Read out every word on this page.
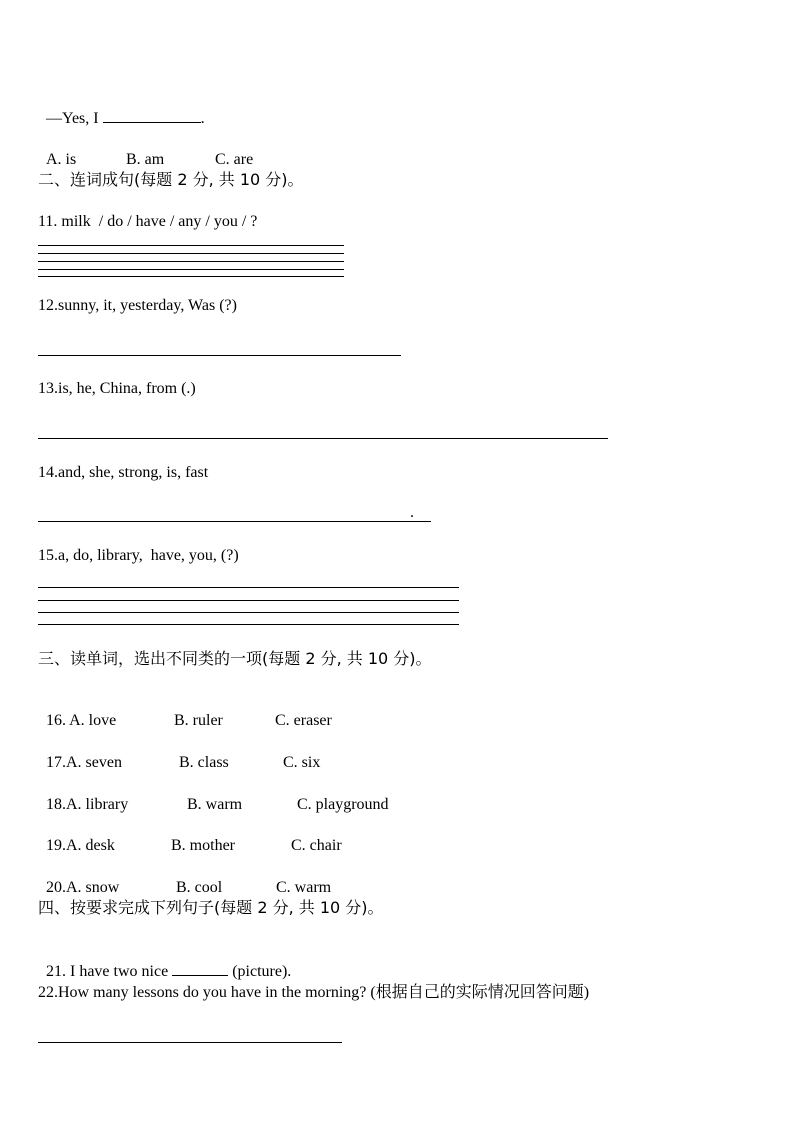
—Yes, I	.

A. is	B. am	C. are

二、连词成句(每题 2 分, 共 10 分)。
11. milk  / do / have / any / you / ?
12.sunny, it, yesterday, Was (?)
13.is, he, China, from (.)
14.and, she, strong, is, fast
.
15.a, do, library,  have, you, (?)
三、读单词，选出不同类的一项(每题 2 分, 共 10 分)。

16. A. love	B. ruler	C. eraser

17.A. seven	B. class	C. six

18.A. library	B. warm	C. playground

19.A. desk	B. mother	C. chair

20.A. snow	B. cool	C. warm

四、按要求完成下列句子(每题 2 分, 共 10 分)。

21. I have two nice	(picture).

22.How many lessons do you have in the morning? (根据自己的实际情况回答问题)
